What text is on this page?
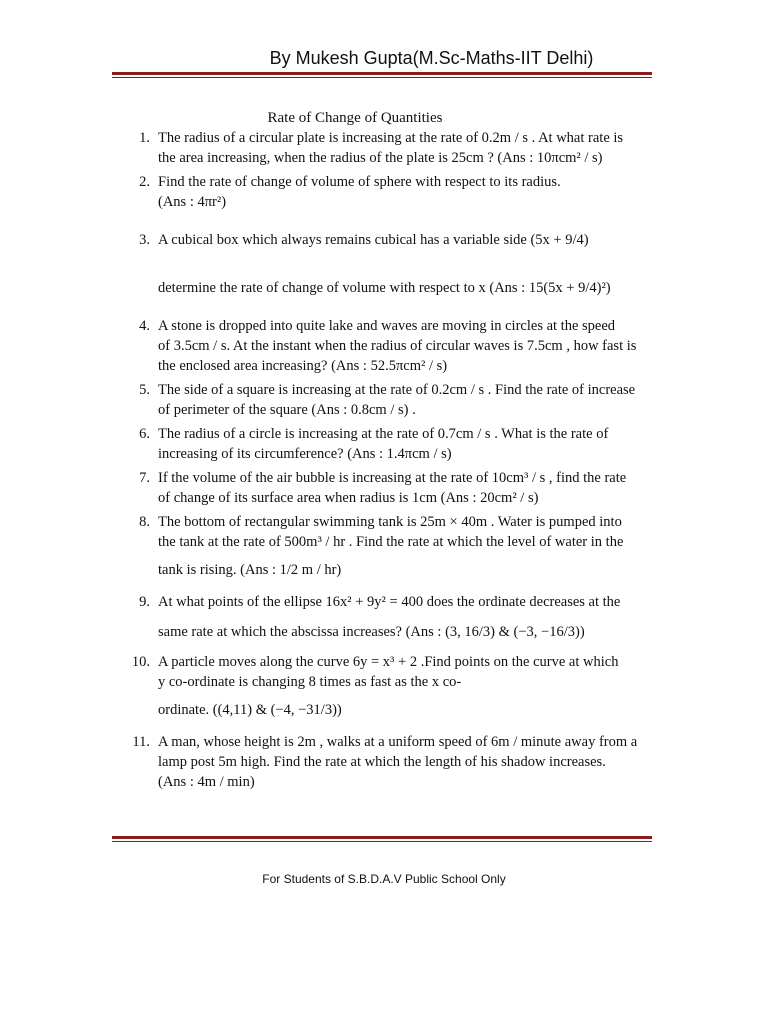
By Mukesh Gupta(M.Sc-Maths-IIT Delhi)
Rate of Change of Quantities
1. The radius of a circular plate is increasing at the rate of 0.2m / s . At what rate is
the area increasing, when the radius of the plate is 25cm ? (Ans : 10πcm² / s)
2. Find the rate of change of volume of sphere with respect to its radius.
(Ans : 4πr²)
3. A cubical box which always remains cubical has a variable side (5x + 9/4)
determine the rate of change of volume with respect to x (Ans : 15(5x + 9/4)²)
4. A stone is dropped into quite lake and waves are moving in circles at the speed
of 3.5cm / s. At the instant when the radius of circular waves is 7.5cm , how fast is
the enclosed area increasing? (Ans : 52.5πcm² / s)
5. The side of a square is increasing at the rate of 0.2cm / s . Find the rate of increase
of perimeter of the square (Ans : 0.8cm / s) .
6. The radius of a circle is increasing at the rate of 0.7cm / s . What is the rate of
increasing of its circumference? (Ans : 1.4πcm / s)
7. If the volume of the air bubble is increasing at the rate of 10cm³ / s , find the rate
of change of its surface area when radius is 1cm (Ans : 20cm² / s)
8. The bottom of rectangular swimming tank is 25m × 40m . Water is pumped into
the tank at the rate of 500m³ / hr . Find the rate at which the level of water in the
tank is rising. (Ans : 1/2 m / hr)
9. At what points of the ellipse 16x² + 9y² = 400 does the ordinate decreases at the
same rate at which the abscissa increases? (Ans : (3, 16/3) & (−3, −16/3))
10. A particle moves along the curve 6y = x³ + 2 .Find points on the curve at which
y co-ordinate is changing 8 times as fast as the x co-
ordinate. ((4,11) & (−4, −31/3))
11. A man, whose height is 2m , walks at a uniform speed of 6m / minute away from a
lamp post 5m high. Find the rate at which the length of his shadow increases.
(Ans : 4m / min)
For Students of S.B.D.A.V Public School Only
